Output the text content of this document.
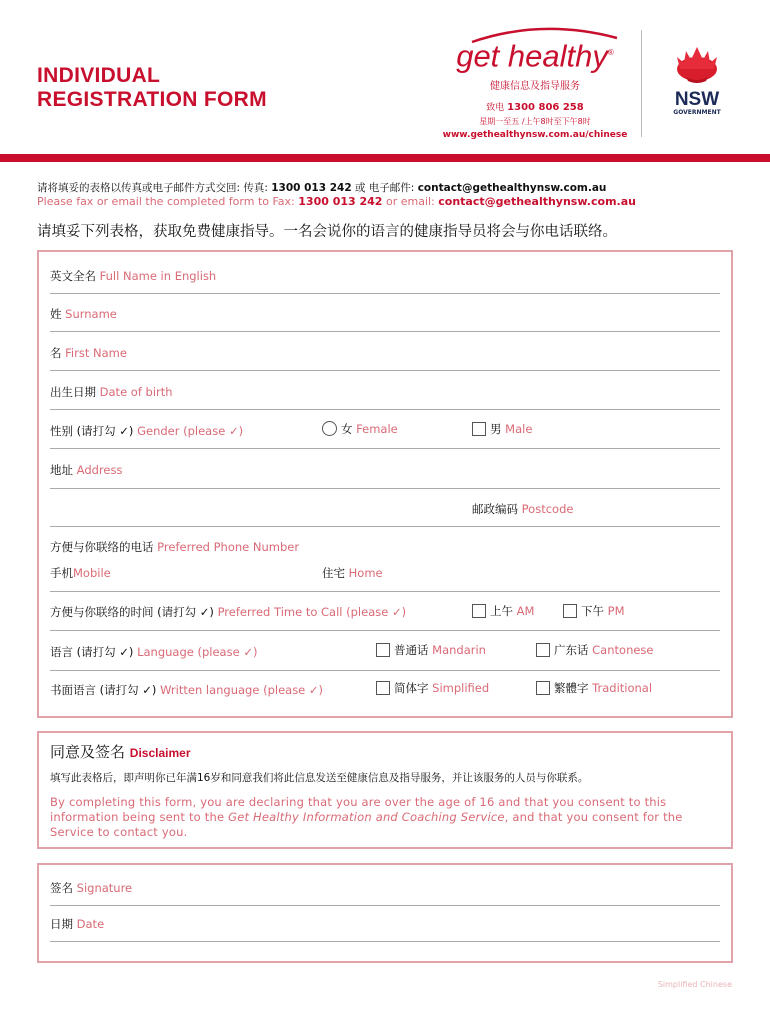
INDIVIDUAL
REGISTRATION FORM
get healthy®
健康信息及指导服务
致电 1300 806 258
星期一至五 /上午8时至下午8时
www.gethealthynsw.com.au/chinese
NSW
GOVERNMENT
请将填妥的表格以传真或电子邮件方式交回: 传真: 1300 013 242 或 电子邮件: contact@gethealthynsw.com.au
Please fax or email the completed form to Fax: 1300 013 242 or email: contact@gethealthynsw.com.au
请填妥下列表格，获取免费健康指导。一名会说你的语言的健康指导员将会与你电话联络。
英文全名 Full Name in English
姓 Surname
名 First Name
出生日期 Date of birth
性别 (请打勾 ✓) Gender (please ✓)	女 Female	男 Male
地址 Address
邮政编码 Postcode
方便与你联络的电话 Preferred Phone Number
手机Mobile	住宅 Home
方便与你联络的时间 (请打勾 ✓) Preferred Time to Call (please ✓)	上午 AM	下午 PM
语言 (请打勾 ✓) Language (please ✓)	普通话 Mandarin	广东话 Cantonese
书面语言 (请打勾 ✓) Written language (please ✓)	简体字 Simplified	繁體字 Traditional
同意及签名 Disclaimer
填写此表格后，即声明你已年满16岁和同意我们将此信息发送至健康信息及指导服务，并让该服务的人员与你联系。
By completing this form, you are declaring that you are over the age of 16 and that you consent to this information being sent to the Get Healthy Information and Coaching Service, and that you consent for the Service to contact you.
签名 Signature
日期 Date
Simplified Chinese
